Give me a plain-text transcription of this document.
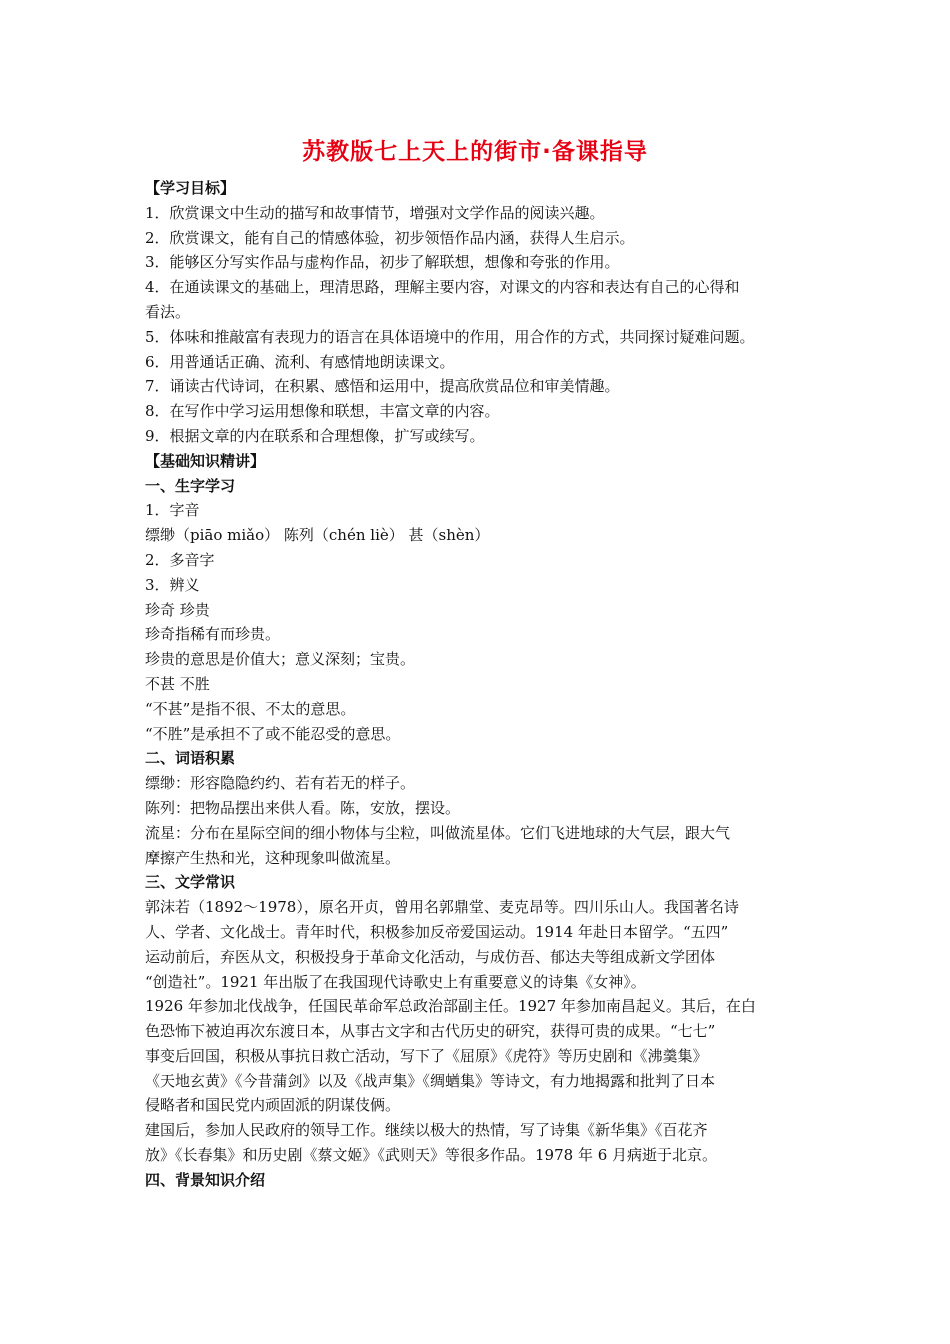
苏教版七上天上的街市·备课指导
【学习目标】
1．欣赏课文中生动的描写和故事情节，增强对文学作品的阅读兴趣。
2．欣赏课文，能有自己的情感体验，初步领悟作品内涵，获得人生启示。
3．能够区分写实作品与虚构作品，初步了解联想，想像和夸张的作用。
4．在通读课文的基础上，理清思路，理解主要内容，对课文的内容和表达有自己的心得和
看法。
5．体味和推敲富有表现力的语言在具体语境中的作用，用合作的方式，共同探讨疑难问题。
6．用普通话正确、流利、有感情地朗读课文。
7．诵读古代诗词，在积累、感悟和运用中，提高欣赏品位和审美情趣。
8．在写作中学习运用想像和联想，丰富文章的内容。
9．根据文章的内在联系和合理想像，扩写或续写。
【基础知识精讲】
一、生字学习
1．字音
缥缈（piāo miǎo） 陈列（chén liè） 甚（shèn）
2．多音字
3．辨义
珍奇 珍贵
珍奇指稀有而珍贵。
珍贵的意思是价值大；意义深刻；宝贵。
不甚 不胜
“不甚”是指不很、不太的意思。
“不胜”是承担不了或不能忍受的意思。
二、词语积累
缥缈：形容隐隐约约、若有若无的样子。
陈列：把物品摆出来供人看。陈，安放，摆设。
流星：分布在星际空间的细小物体与尘粒，叫做流星体。它们飞进地球的大气层，跟大气
摩擦产生热和光，这种现象叫做流星。
三、文学常识
郭沫若（1892～1978），原名开贞，曾用名郭鼎堂、麦克昂等。四川乐山人。我国著名诗
人、学者、文化战士。青年时代，积极参加反帝爱国运动。1914 年赴日本留学。“五四”
运动前后，弃医从文，积极投身于革命文化活动，与成仿吾、郁达夫等组成新文学团体
“创造社”。1921 年出版了在我国现代诗歌史上有重要意义的诗集《女神》。
1926 年参加北伐战争，任国民革命军总政治部副主任。1927 年参加南昌起义。其后，在白
色恐怖下被迫再次东渡日本，从事古文字和古代历史的研究，获得可贵的成果。“七七”
事变后回国，积极从事抗日救亡活动，写下了《屈原》《虎符》等历史剧和《沸羹集》
《天地玄黄》《今昔蒲剑》以及《战声集》《绸蝤集》等诗文，有力地揭露和批判了日本
侵略者和国民党内顽固派的阴谋伎俩。
建国后，参加人民政府的领导工作。继续以极大的热情，写了诗集《新华集》《百花齐
放》《长春集》和历史剧《蔡文姬》《武则天》等很多作品。1978 年 6 月病逝于北京。
四、背景知识介绍
